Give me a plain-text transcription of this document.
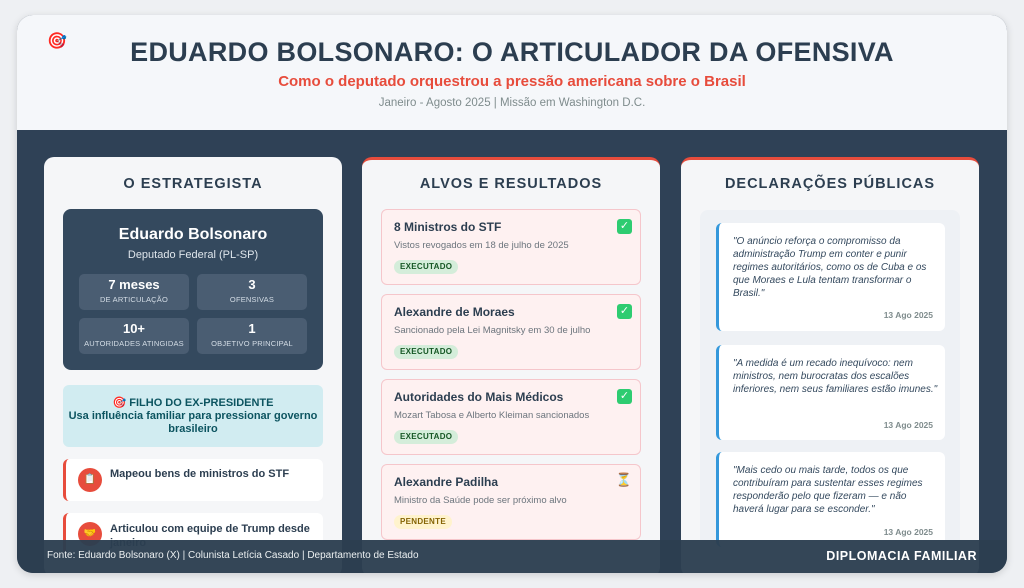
🎯	EDUARDO BOLSONARO: O ARTICULADOR DA OFENSIVA
Como o deputado orquestrou a pressão americana sobre o Brasil
Janeiro - Agosto 2025 | Missão em Washington D.C.
O ESTRATEGISTA
Eduardo Bolsonaro
Deputado Federal (PL-SP)
7 meses
DE ARTICULAÇÃO
3
OFENSIVAS
10+
AUTORIDADES ATINGIDAS
1
OBJETIVO PRINCIPAL
🎯 FILHO DO EX-PRESIDENTE
Usa influência familiar para pressionar governo brasileiro
📋	Mapeou bens de ministros do STF
🤝	Articulou com equipe de Trump desde
ALVOS E RESULTADOS
8 Ministros do STF
Vistos revogados em 18 de julho de 2025
✓
EXECUTADO
Alexandre de Moraes
Sancionado pela Lei Magnitsky em 30 de julho
✓
EXECUTADO
Autoridades do Mais Médicos
Mozart Tabosa e Alberto Kleiman sancionados
✓
EXECUTADO
Alexandre Padilha
Ministro da Saúde pode ser próximo alvo
⏳
PENDENTE
DECLARAÇÕES PÚBLICAS
"O anúncio reforça o compromisso da administração Trump em conter e punir regimes autoritários, como os de Cuba e os que Moraes e Lula tentam transformar o Brasil."
13 Ago 2025
"A medida é um recado inequívoco: nem ministros, nem burocratas dos escalões inferiores, nem seus familiares estão imunes."
13 Ago 2025
"Mais cedo ou mais tarde, todos os que contribuíram para sustentar esses regimes responderão pelo que fizeram — e não haverá lugar para se esconder."
13 Ago 2025
Fonte: Eduardo Bolsonaro (X) | Colunista Letícia Casado | Departamento de Estado	DIPLOMACIA FAMILIAR
